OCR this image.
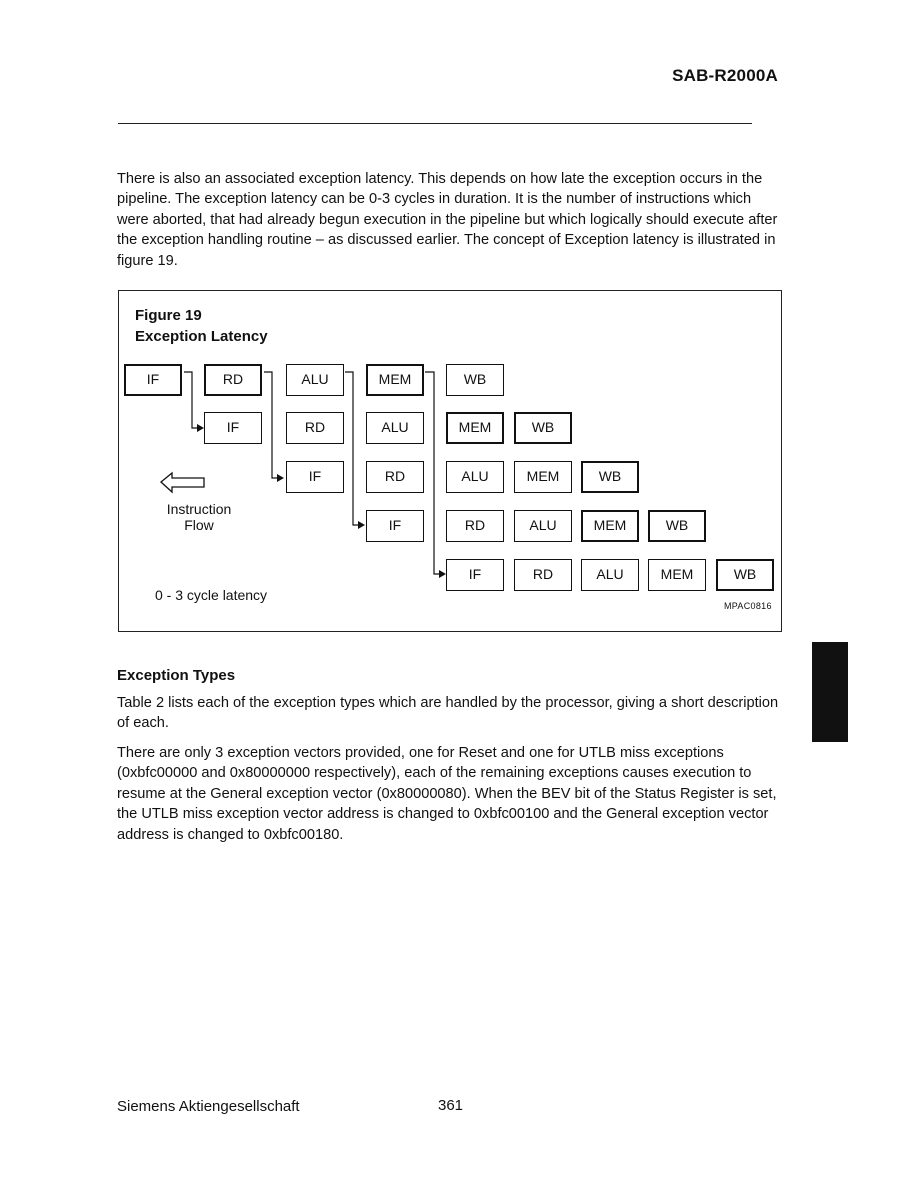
SAB-R2000A

There is also an associated exception latency. This depends on how late the exception occurs in the pipeline. The exception latency can be 0-3 cycles in duration. It is the number of instructions which were aborted, that had already begun execution in the pipeline but which logically should execute after the exception handling routine – as discussed earlier. The concept of Exception latency is illustrated in figure 19.

Figure 19
Exception Latency
IF	RD	ALU	MEM	WB
IF	RD	ALU	MEM	WB
IF	RD	ALU	MEM	WB
IF	RD	ALU	MEM	WB
IF	RD	ALU	MEM	WB
Instruction
Flow
0 - 3 cycle latency
MPAC0816
Exception Types

Table 2 lists each of the exception types which are handled by the processor, giving a short description of each.

There are only 3 exception vectors provided, one for Reset and one for UTLB miss exceptions (0xbfc00000 and 0x80000000 respectively), each of the remaining exceptions causes execution to resume at the General exception vector (0x80000080). When the BEV bit of the Status Register is set, the UTLB miss exception vector address is changed to 0xbfc00100 and the General exception vector address is changed to 0xbfc00180.

Siemens Aktiengesellschaft	361
